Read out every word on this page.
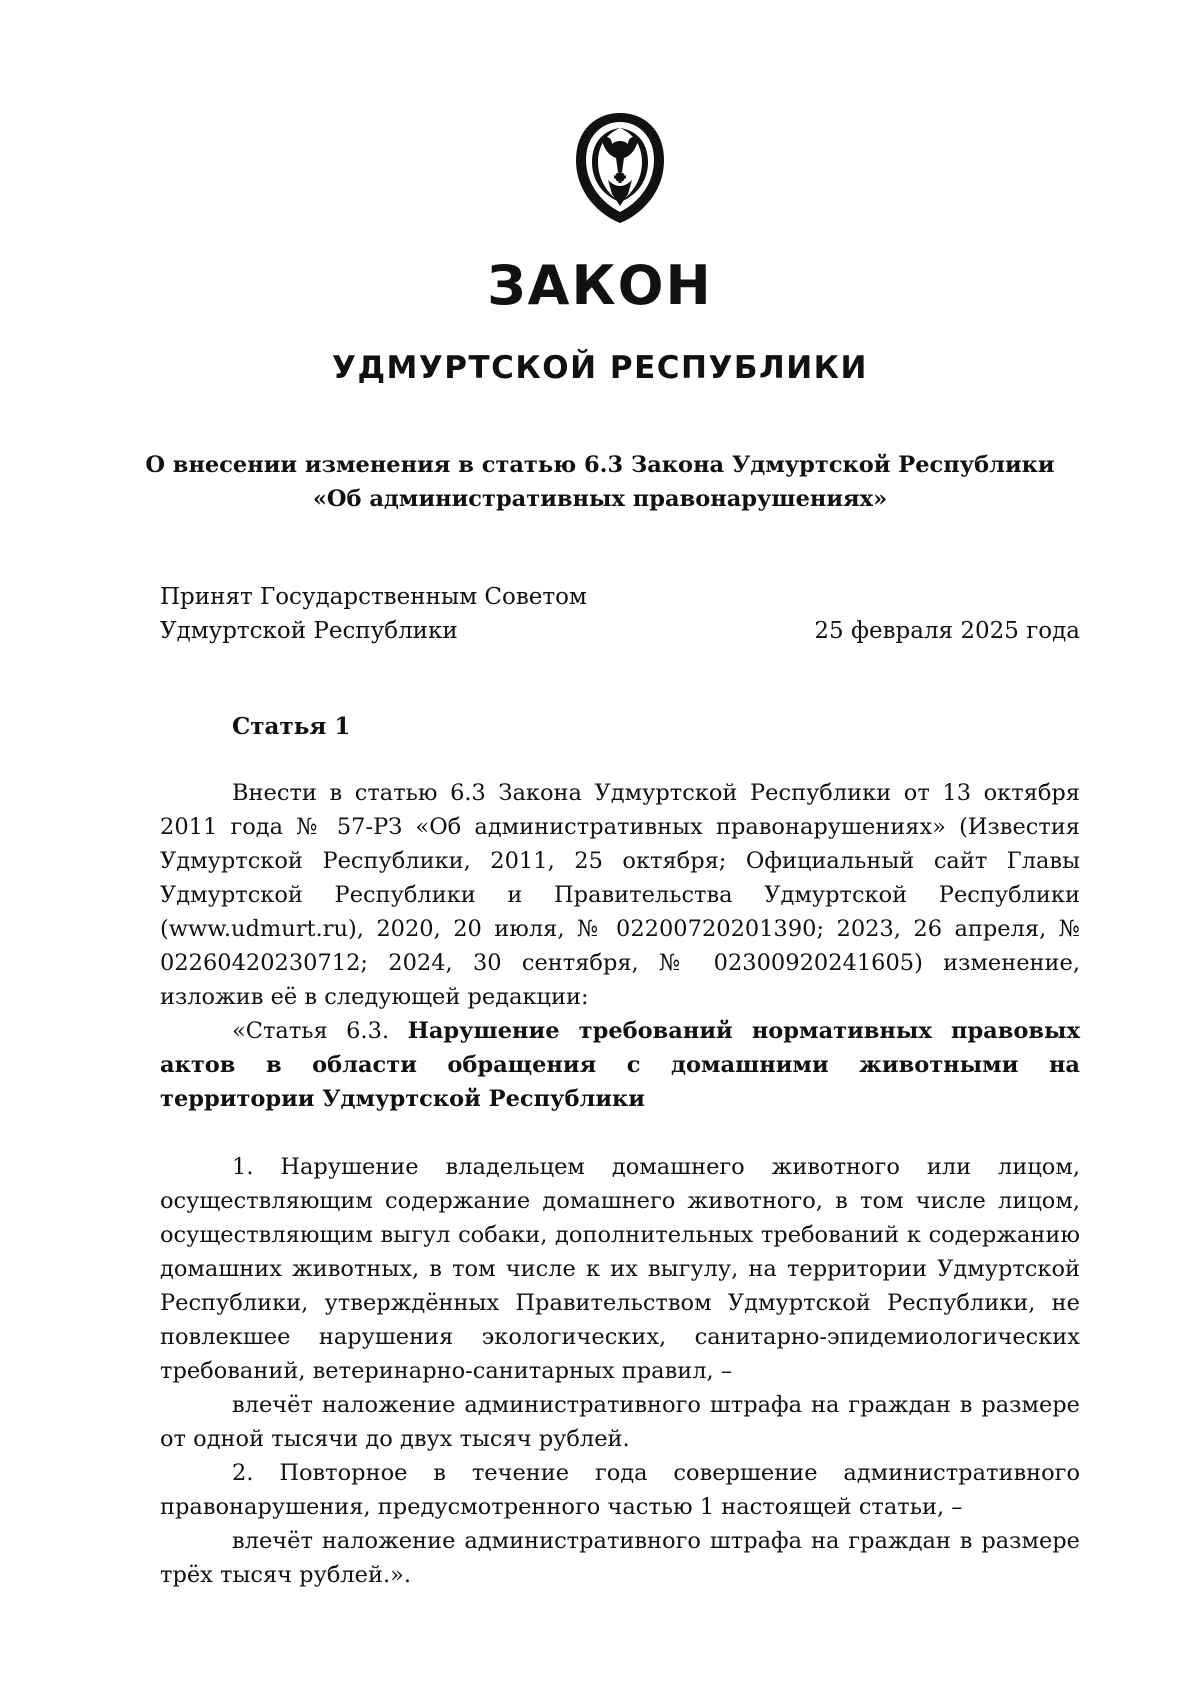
ЗАКОН
УДМУРТСКОЙ РЕСПУБЛИКИ
О внесении изменения в статью 6.3 Закона Удмуртской Республики
«Об административных правонарушениях»
Принят Государственным Советом
Удмуртской Республики	25 февраля 2025 года
Статья 1

Внести в статью 6.3 Закона Удмуртской Республики от 13 октября 2011 года № 57-РЗ «Об административных правонарушениях» (Известия Удмуртской Республики, 2011, 25 октября; Официальный сайт Главы Удмуртской Республики и Правительства Удмуртской Республики (www.udmurt.ru), 2020, 20 июля, № 02200720201390; 2023, 26 апреля, № 02260420230712; 2024, 30 сентября, № 02300920241605) изменение, изложив её в следующей редакции:

«Статья 6.3. Нарушение требований нормативных правовых актов в области обращения с домашними животными на территории Удмуртской Республики

1. Нарушение владельцем домашнего животного или лицом, осуществляющим содержание домашнего животного, в том числе лицом, осуществляющим выгул собаки, дополнительных требований к содержанию домашних животных, в том числе к их выгулу, на территории Удмуртской Республики, утверждённых Правительством Удмуртской Республики, не повлекшее нарушения экологических, санитарно-эпидемиологических требований, ветеринарно-санитарных правил, –

влечёт наложение административного штрафа на граждан в размере от одной тысячи до двух тысяч рублей.

2. Повторное в течение года совершение административного правонарушения, предусмотренного частью 1 настоящей статьи, –

влечёт наложение административного штрафа на граждан в размере трёх тысяч рублей.».
